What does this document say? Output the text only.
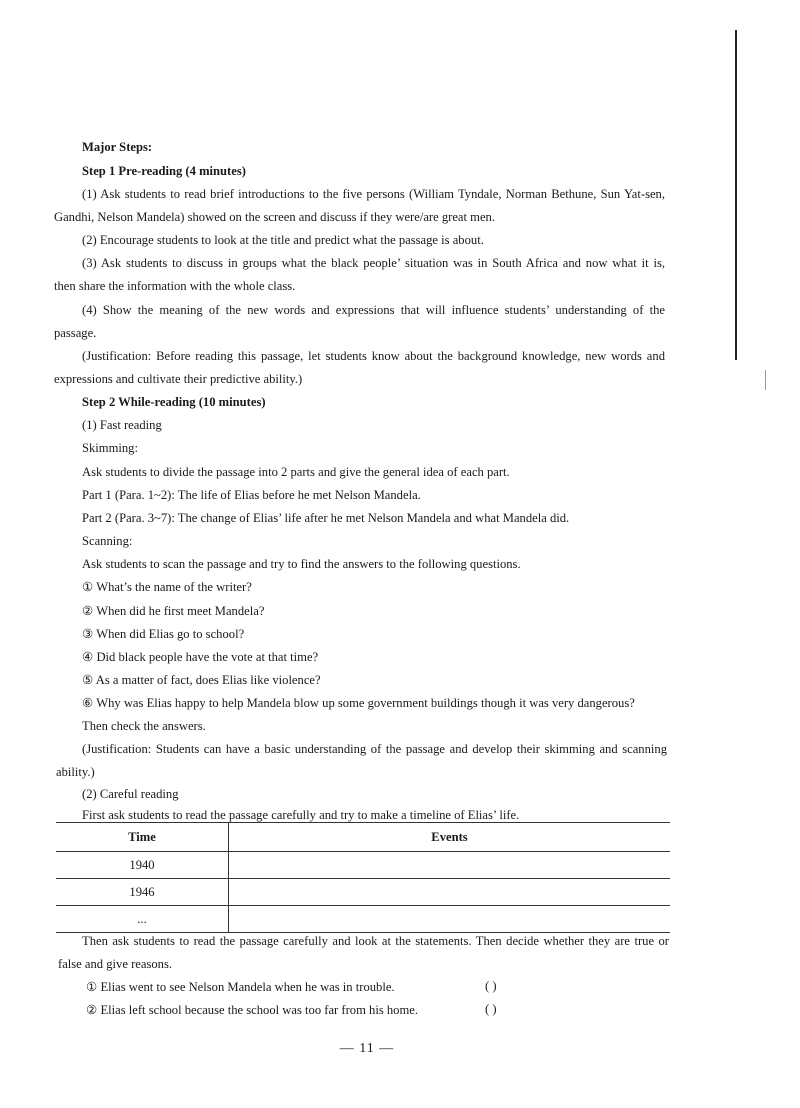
Major Steps:
Step 1 Pre-reading (4 minutes)
(1) Ask students to read brief introductions to the five persons (William Tyndale, Norman Bethune, Sun Yat-sen,
Gandhi, Nelson Mandela) showed on the screen and discuss if they were/are great men.
(2) Encourage students to look at the title and predict what the passage is about.
(3) Ask students to discuss in groups what the black people’ situation was in South Africa and now what it is,
then share the information with the whole class.
(4) Show the meaning of the new words and expressions that will influence students’ understanding of the
passage.
(Justification: Before reading this passage, let students know about the background knowledge, new words and
expressions and cultivate their predictive ability.)
Step 2 While-reading (10 minutes)
(1) Fast reading
Skimming:
Ask students to divide the passage into 2 parts and give the general idea of each part.
Part 1 (Para. 1~2): The life of Elias before he met Nelson Mandela.
Part 2 (Para. 3~7): The change of Elias’ life after he met Nelson Mandela and what Mandela did.
Scanning:
Ask students to scan the passage and try to find the answers to the following questions.
① What’s the name of the writer?
② When did he first meet Mandela?
③ When did Elias go to school?
④ Did black people have the vote at that time?
⑤ As a matter of fact, does Elias like violence?
⑥ Why was Elias happy to help Mandela blow up some government buildings though it was very dangerous?
Then check the answers.
(Justification: Students can have a basic understanding of the passage and develop their skimming and scanning
ability.)
(2) Careful reading
First ask students to read the passage carefully and try to make a timeline of Elias’ life.
Time	Events
1940	
1946	
...	
Then ask students to read the passage carefully and look at the statements. Then decide whether they are true or
false and give reasons.
① Elias went to see Nelson Mandela when he was in trouble.	( )
② Elias left school because the school was too far from his home.	( )
— 11 —
